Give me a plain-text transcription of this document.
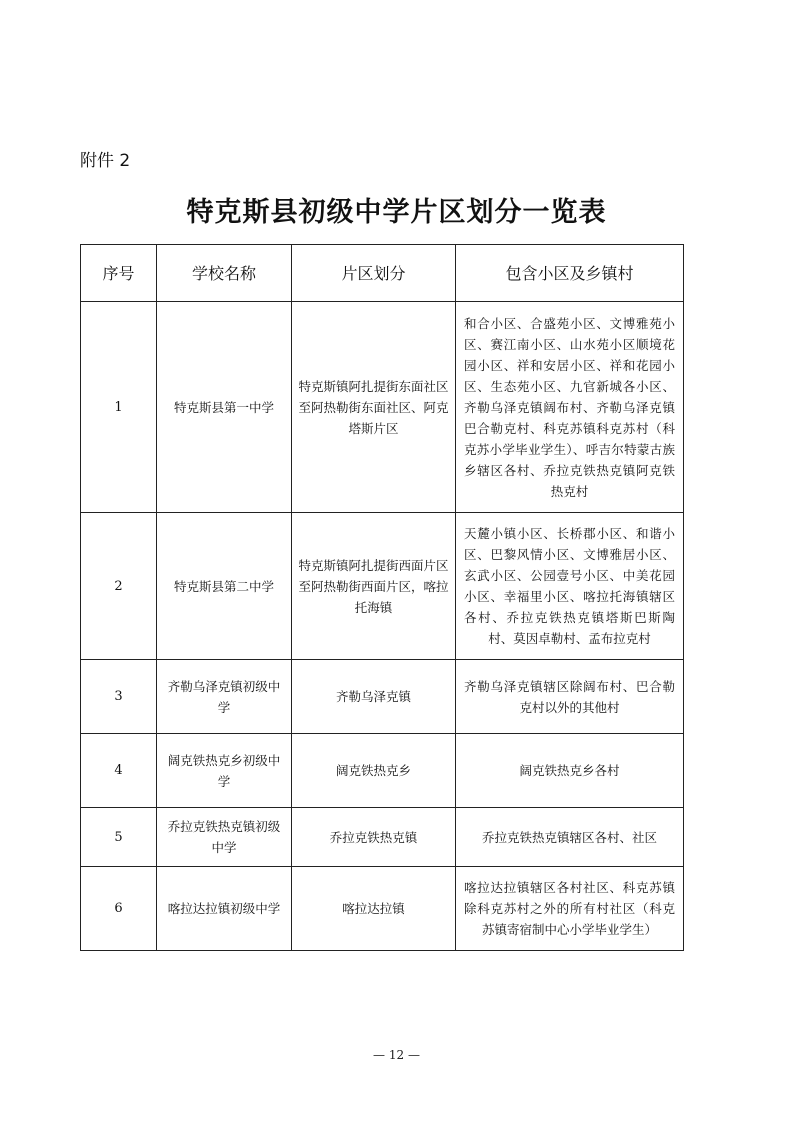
附件 2
特克斯县初级中学片区划分一览表
序号	学校名称	片区划分	包含小区及乡镇村
1	特克斯县第一中学	特克斯镇阿扎提街东面社区至阿热勒街东面社区、阿克塔斯片区	和合小区、合盛苑小区、文博雅苑小区、赛江南小区、山水苑小区顺境花园小区、祥和安居小区、祥和花园小区、生态苑小区、九官新城各小区、齐勒乌泽克镇阔布村、齐勒乌泽克镇巴合勒克村、科克苏镇科克苏村（科克苏小学毕业学生）、呼吉尔特蒙古族乡辖区各村、乔拉克铁热克镇阿克铁热克村
2	特克斯县第二中学	特克斯镇阿扎提街西面片区至阿热勒街西面片区，喀拉托海镇	天麓小镇小区、长桥郡小区、和谐小区、巴黎风情小区、文博雅居小区、玄武小区、公园壹号小区、中美花园小区、幸福里小区、喀拉托海镇辖区各村、乔拉克铁热克镇塔斯巴斯陶村、莫因卓勒村、孟布拉克村
3	齐勒乌泽克镇初级中学	齐勒乌泽克镇	齐勒乌泽克镇辖区除阔布村、巴合勒克村以外的其他村
4	阔克铁热克乡初级中学	阔克铁热克乡	阔克铁热克乡各村
5	乔拉克铁热克镇初级中学	乔拉克铁热克镇	乔拉克铁热克镇辖区各村、社区
6	喀拉达拉镇初级中学	喀拉达拉镇	喀拉达拉镇辖区各村社区、科克苏镇除科克苏村之外的所有村社区（科克苏镇寄宿制中心小学毕业学生）
— 12 —
